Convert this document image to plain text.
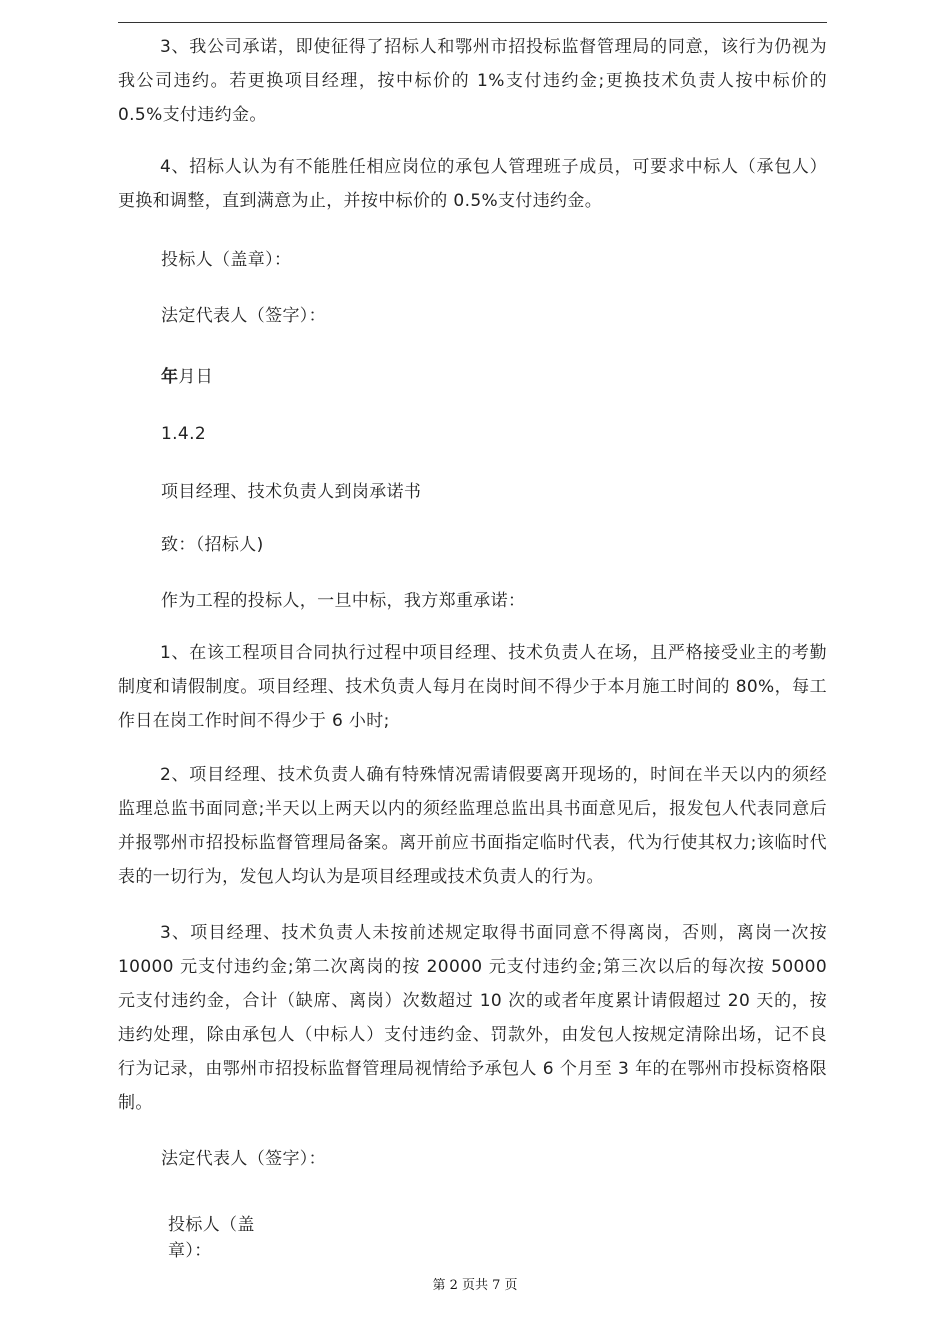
3、我公司承诺，即使征得了招标人和鄂州市招投标监督管理局的同意，该行为仍视为我公司违约。若更换项目经理，按中标价的 1%支付违约金;更换技术负责人按中标价的 0.5%支付违约金。

4、招标人认为有不能胜任相应岗位的承包人管理班子成员，可要求中标人（承包人）更换和调整，直到满意为止，并按中标价的 0.5%支付违约金。

投标人（盖章）：

法定代表人（签字）：

年月日

1.4.2

项目经理、技术负责人到岗承诺书

致：（招标人)

作为工程的投标人，一旦中标，我方郑重承诺：

1、在该工程项目合同执行过程中项目经理、技术负责人在场，且严格接受业主的考勤制度和请假制度。项目经理、技术负责人每月在岗时间不得少于本月施工时间的 80%，每工作日在岗工作时间不得少于 6 小时;

2、项目经理、技术负责人确有特殊情况需请假要离开现场的，时间在半天以内的须经监理总监书面同意;半天以上两天以内的须经监理总监出具书面意见后，报发包人代表同意后并报鄂州市招投标监督管理局备案。离开前应书面指定临时代表，代为行使其权力;该临时代表的一切行为，发包人均认为是项目经理或技术负责人的行为。

3、项目经理、技术负责人未按前述规定取得书面同意不得离岗，否则，离岗一次按 10000 元支付违约金;第二次离岗的按 20000 元支付违约金;第三次以后的每次按 50000 元支付违约金，合计（缺席、离岗）次数超过 10 次的或者年度累计请假超过 20 天的，按违约处理，除由承包人（中标人）支付违约金、罚款外，由发包人按规定清除出场，记不良行为记录，由鄂州市招投标监督管理局视情给予承包人 6 个月至 3 年的在鄂州市投标资格限制。

法定代表人（签字）：

投标人（盖章）：

第 2 页共 7 页
